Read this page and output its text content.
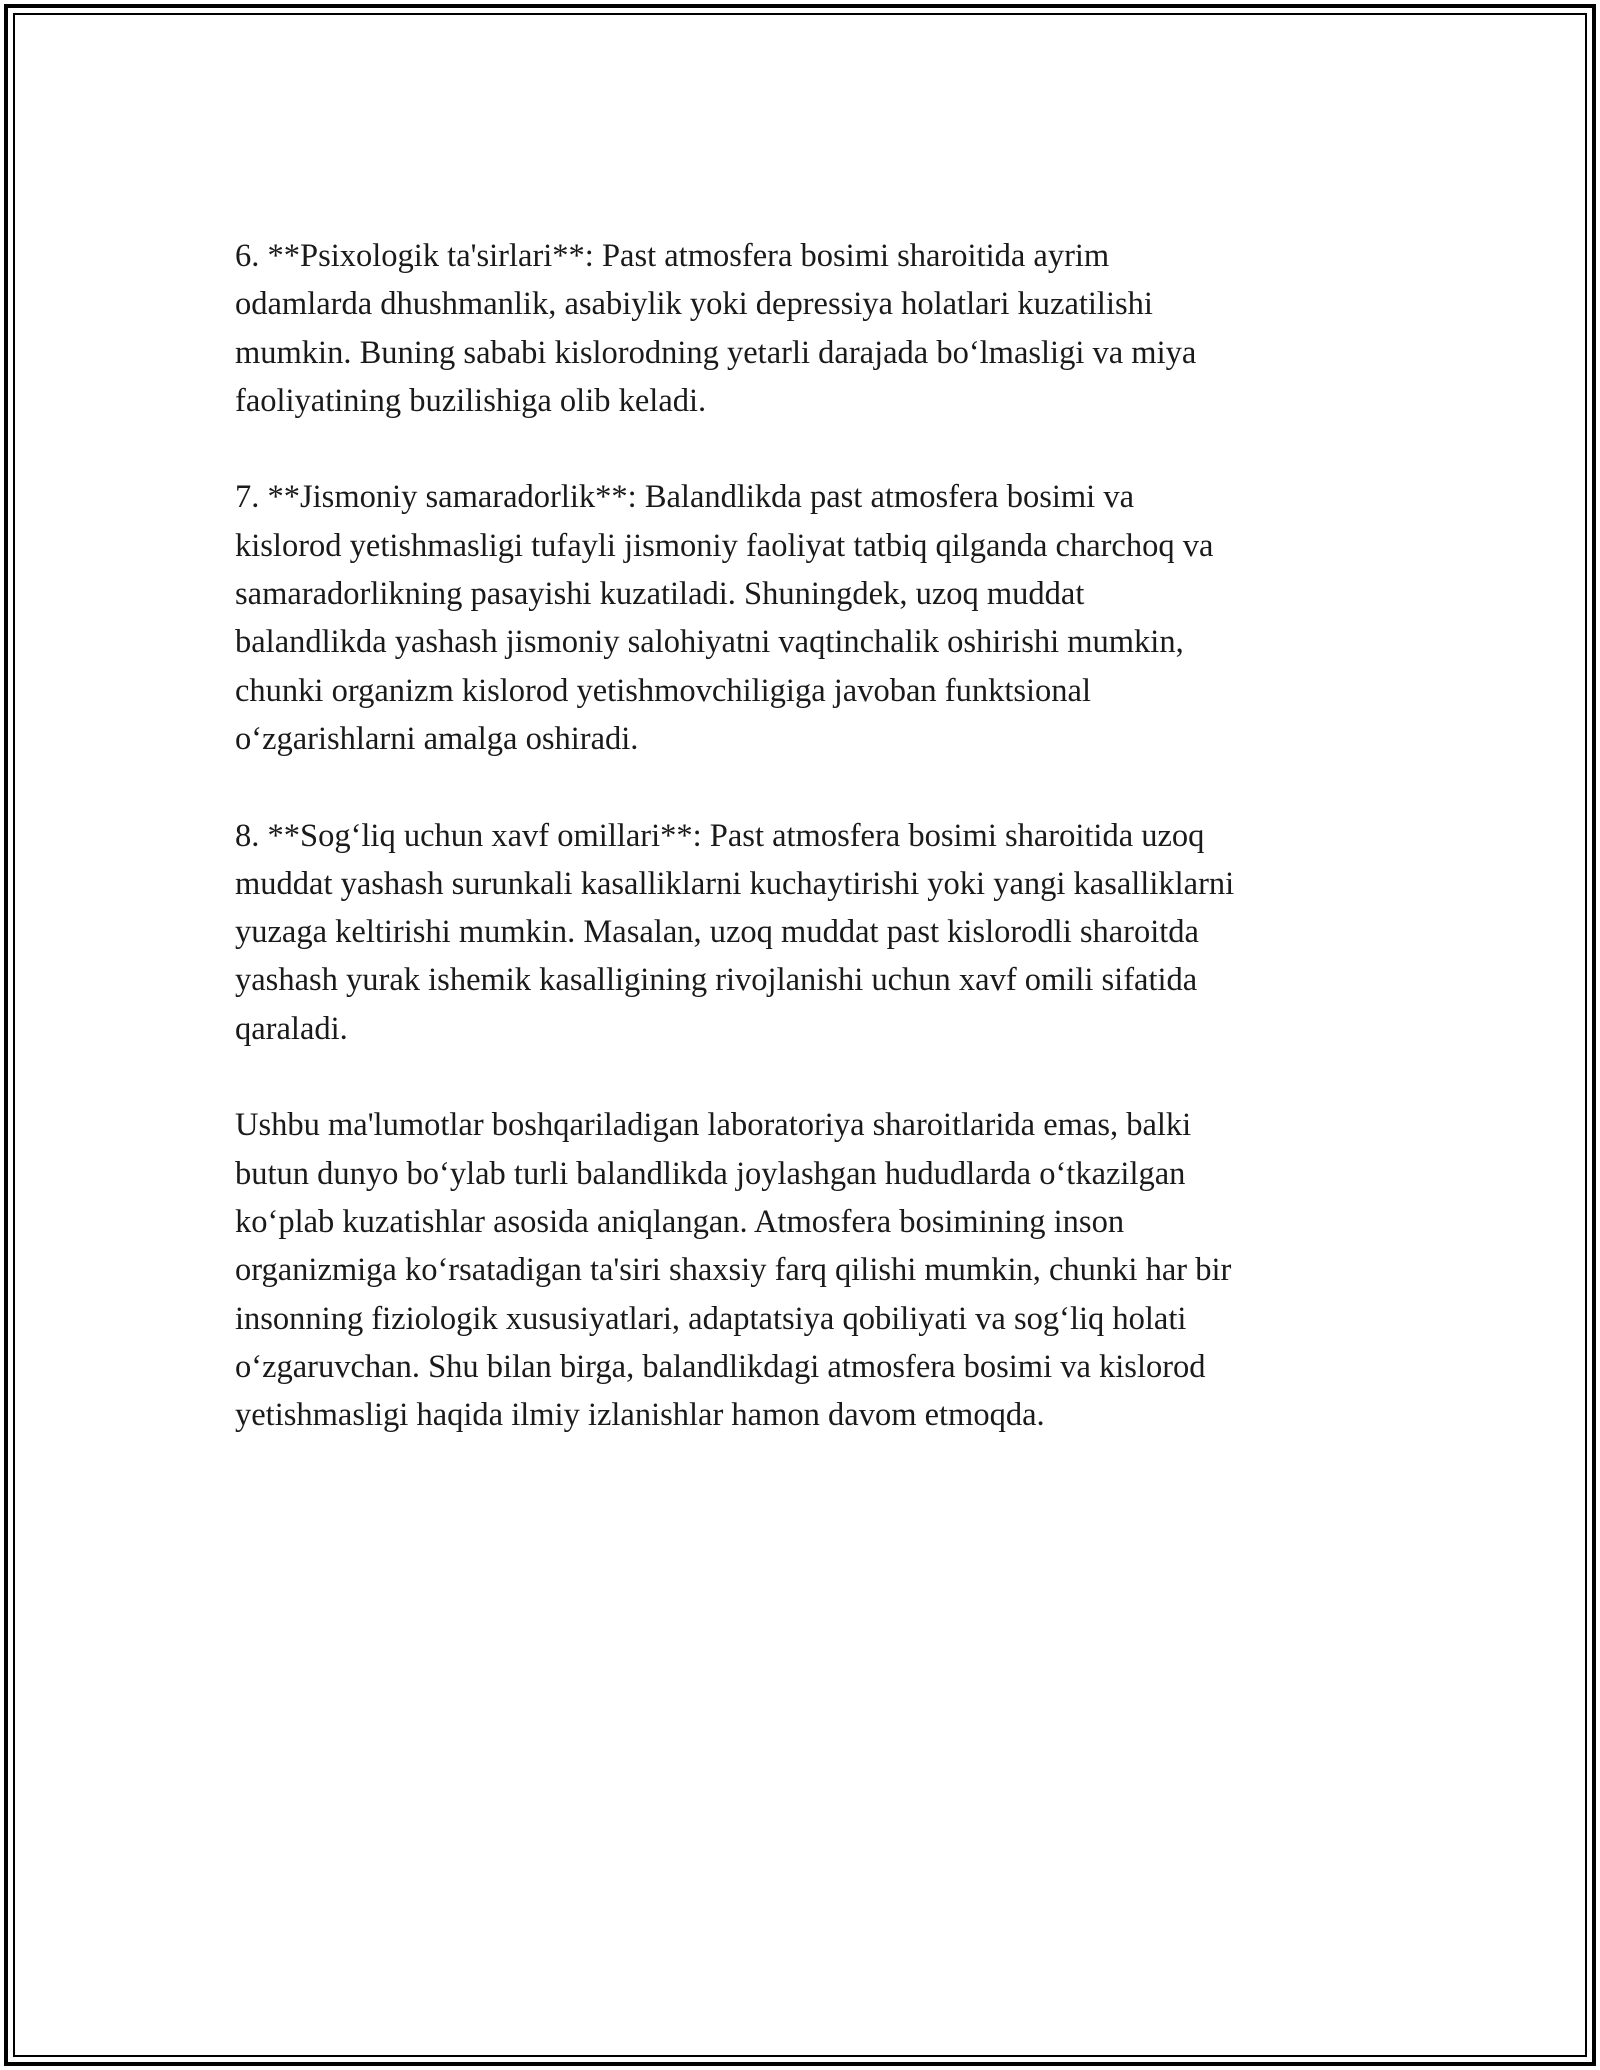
6. **Psixologik ta'sirlari**: Past atmosfera bosimi sharoitida ayrim
odamlarda dhushmanlik, asabiylik yoki depressiya holatlari kuzatilishi
mumkin. Buning sababi kislorodning yetarli darajada bo‘lmasligi va miya
faoliyatining buzilishiga olib keladi.

7. **Jismoniy samaradorlik**: Balandlikda past atmosfera bosimi va
kislorod yetishmasligi tufayli jismoniy faoliyat tatbiq qilganda charchoq va
samaradorlikning pasayishi kuzatiladi. Shuningdek, uzoq muddat
balandlikda yashash jismoniy salohiyatni vaqtinchalik oshirishi mumkin,
chunki organizm kislorod yetishmovchiligiga javoban funktsional
o‘zgarishlarni amalga oshiradi.

8. **Sog‘liq uchun xavf omillari**: Past atmosfera bosimi sharoitida uzoq
muddat yashash surunkali kasalliklarni kuchaytirishi yoki yangi kasalliklarni
yuzaga keltirishi mumkin. Masalan, uzoq muddat past kislorodli sharoitda
yashash yurak ishemik kasalligining rivojlanishi uchun xavf omili sifatida
qaraladi.

Ushbu ma'lumotlar boshqariladigan laboratoriya sharoitlarida emas, balki
butun dunyo bo‘ylab turli balandlikda joylashgan hududlarda o‘tkazilgan
ko‘plab kuzatishlar asosida aniqlangan. Atmosfera bosimining inson
organizmiga ko‘rsatadigan ta'siri shaxsiy farq qilishi mumkin, chunki har bir
insonning fiziologik xususiyatlari, adaptatsiya qobiliyati va sog‘liq holati
o‘zgaruvchan. Shu bilan birga, balandlikdagi atmosfera bosimi va kislorod
yetishmasligi haqida ilmiy izlanishlar hamon davom etmoqda.
